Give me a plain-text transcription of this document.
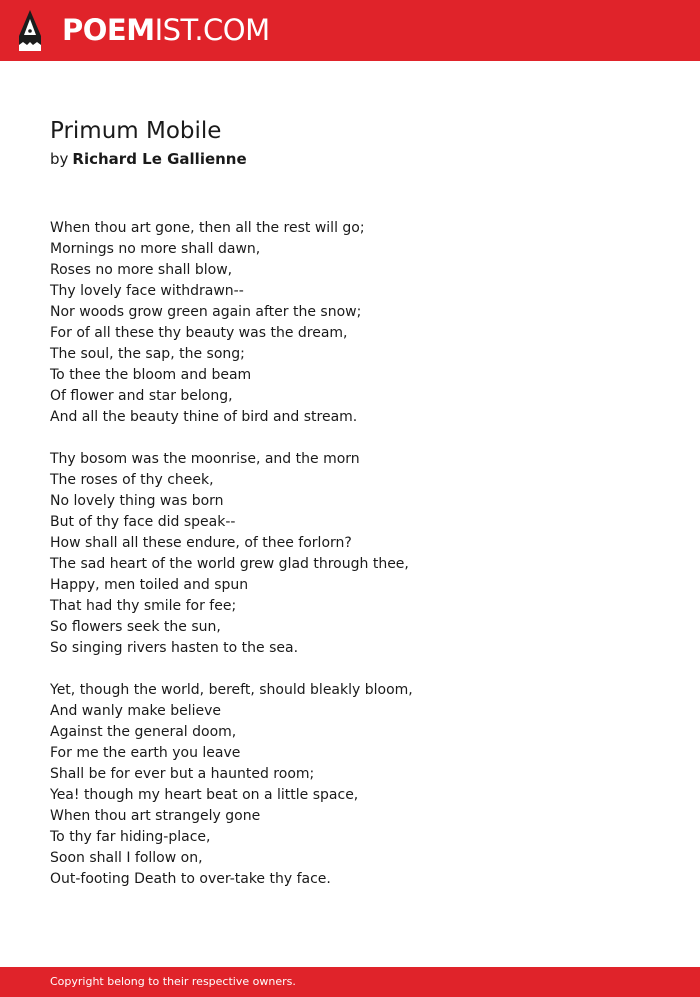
POEMIST.COM
Primum Mobile
by Richard Le Gallienne
When thou art gone, then all the rest will go;
Mornings no more shall dawn,
Roses no more shall blow,
Thy lovely face withdrawn--
Nor woods grow green again after the snow;
For of all these thy beauty was the dream,
The soul, the sap, the song;
To thee the bloom and beam
Of flower and star belong,
And all the beauty thine of bird and stream.
Thy bosom was the moonrise, and the morn
The roses of thy cheek,
No lovely thing was born
But of thy face did speak--
How shall all these endure, of thee forlorn?
The sad heart of the world grew glad through thee,
Happy, men toiled and spun
That had thy smile for fee;
So flowers seek the sun,
So singing rivers hasten to the sea.
Yet, though the world, bereft, should bleakly bloom,
And wanly make believe
Against the general doom,
For me the earth you leave
Shall be for ever but a haunted room;
Yea! though my heart beat on a little space,
When thou art strangely gone
To thy far hiding-place,
Soon shall I follow on,
Out-footing Death to over-take thy face.
Copyright belong to their respective owners.
